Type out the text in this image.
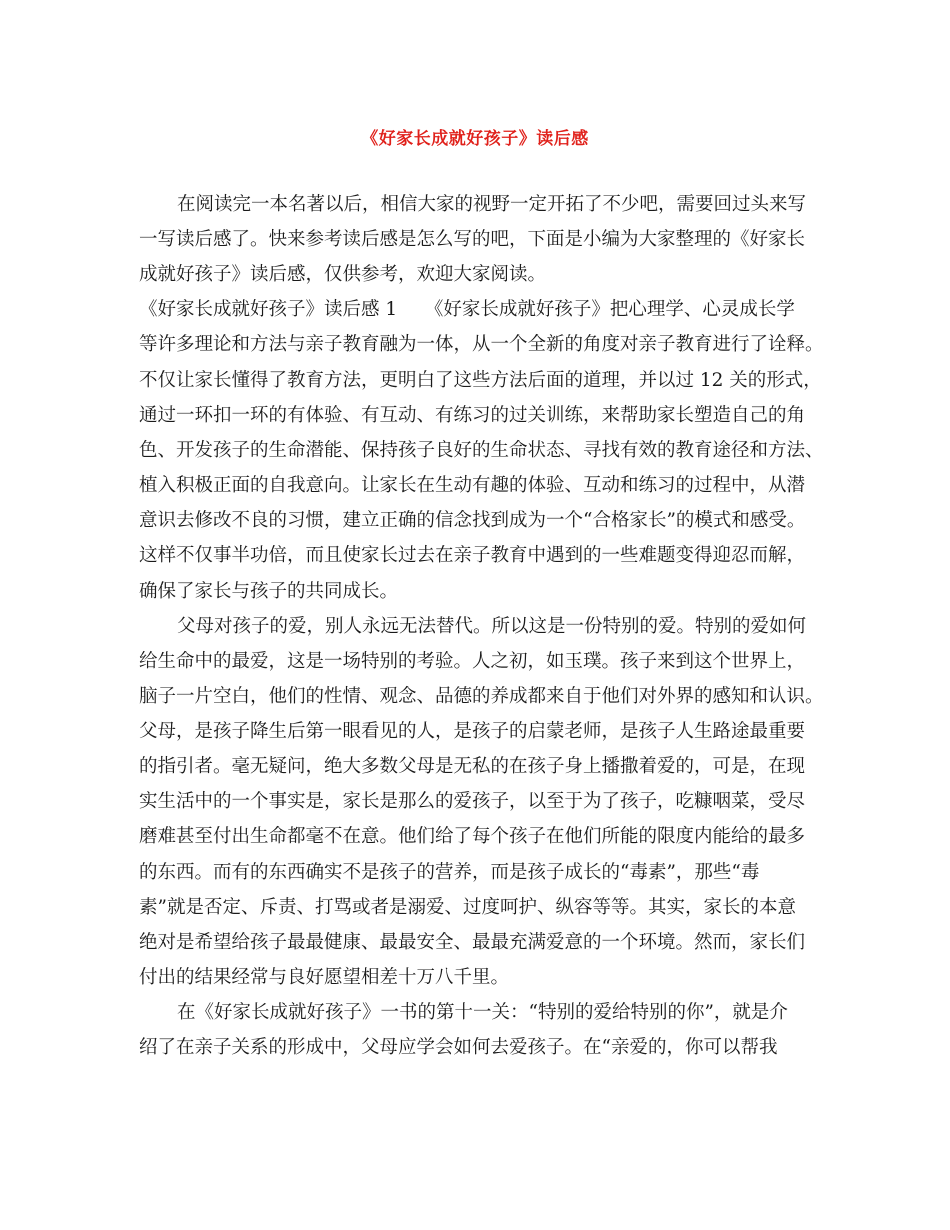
《好家长成就好孩子》读后感
在阅读完一本名著以后，相信大家的视野一定开拓了不少吧，需要回过头来写
一写读后感了。快来参考读后感是怎么写的吧，下面是小编为大家整理的《好家长
成就好孩子》读后感，仅供参考，欢迎大家阅读。
《好家长成就好孩子》读后感 1　　《好家长成就好孩子》把心理学、心灵成长学
等许多理论和方法与亲子教育融为一体，从一个全新的角度对亲子教育进行了诠释。
不仅让家长懂得了教育方法，更明白了这些方法后面的道理，并以过 12 关的形式，
通过一环扣一环的有体验、有互动、有练习的过关训练，来帮助家长塑造自己的角
色、开发孩子的生命潜能、保持孩子良好的生命状态、寻找有效的教育途径和方法、
植入积极正面的自我意向。让家长在生动有趣的体验、互动和练习的过程中，从潜
意识去修改不良的习惯，建立正确的信念找到成为一个“合格家长”的模式和感受。
这样不仅事半功倍，而且使家长过去在亲子教育中遇到的一些难题变得迎忍而解，
确保了家长与孩子的共同成长。
父母对孩子的爱，别人永远无法替代。所以这是一份特别的爱。特别的爱如何
给生命中的最爱，这是一场特别的考验。人之初，如玉璞。孩子来到这个世界上，
脑子一片空白，他们的性情、观念、品德的养成都来自于他们对外界的感知和认识。
父母，是孩子降生后第一眼看见的人，是孩子的启蒙老师，是孩子人生路途最重要
的指引者。毫无疑问，绝大多数父母是无私的在孩子身上播撒着爱的，可是，在现
实生活中的一个事实是，家长是那么的爱孩子，以至于为了孩子，吃糠咽菜，受尽
磨难甚至付出生命都毫不在意。他们给了每个孩子在他们所能的限度内能给的最多
的东西。而有的东西确实不是孩子的营养，而是孩子成长的“毒素”，那些“毒
素”就是否定、斥责、打骂或者是溺爱、过度呵护、纵容等等。其实，家长的本意
绝对是希望给孩子最最健康、最最安全、最最充满爱意的一个环境。然而，家长们
付出的结果经常与良好愿望相差十万八千里。
在《好家长成就好孩子》一书的第十一关：“特别的爱给特别的你”，就是介
绍了在亲子关系的形成中，父母应学会如何去爱孩子。在“亲爱的，你可以帮我
